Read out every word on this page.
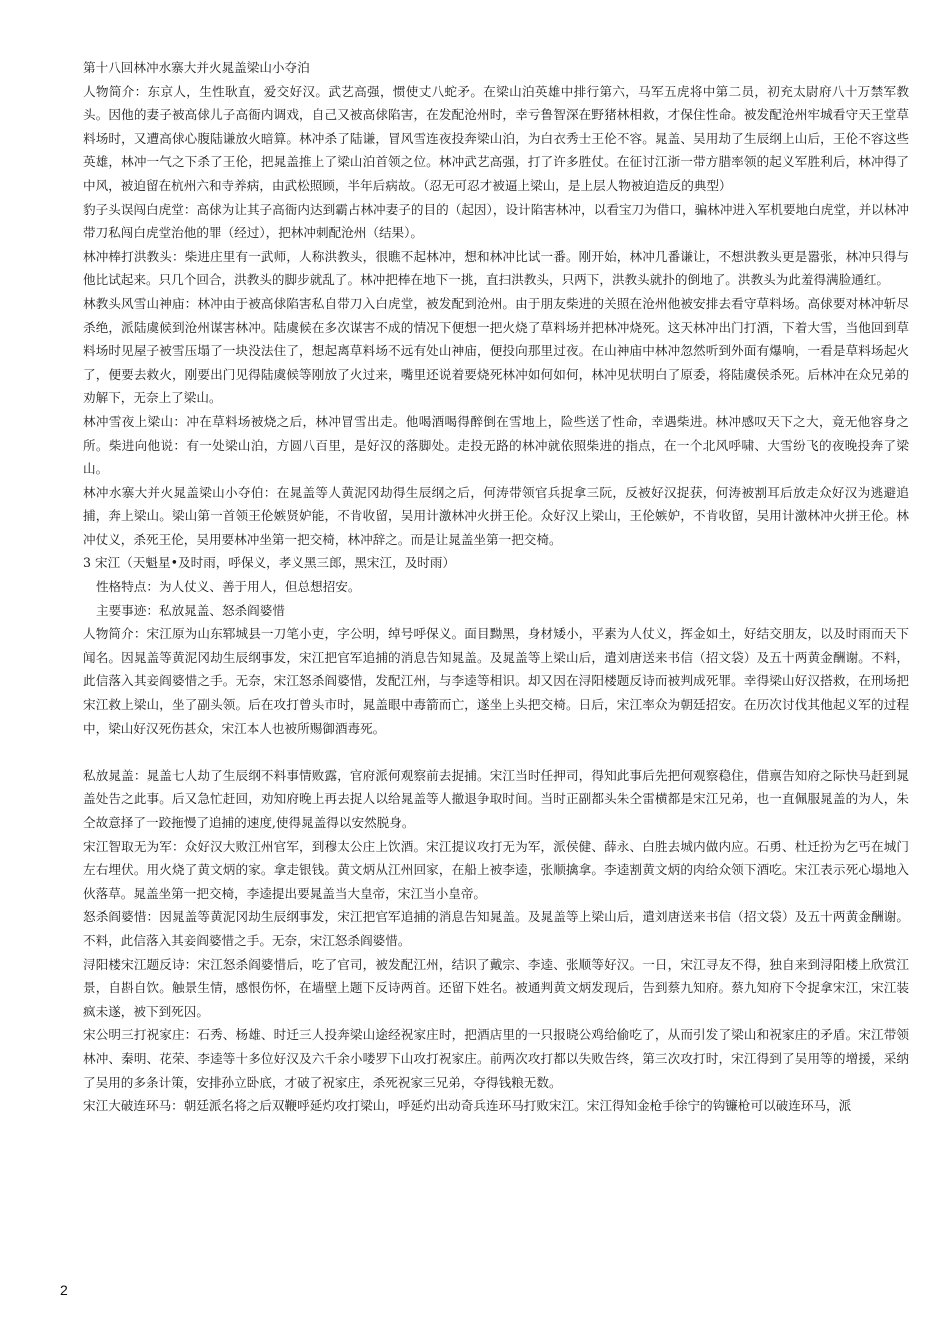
第十八回林冲水寨大并火晁盖梁山小夺泊

人物简介：东京人，生性耿直，爱交好汉。武艺高强，惯使丈八蛇矛。在梁山泊英雄中排行第六，马军五虎将中第二员，初充太尉府八十万禁军教头。因他的妻子被高俅儿子高衙内调戏，自己又被高俅陷害，在发配沧州时，幸亏鲁智深在野猪林相救，才保住性命。被发配沧州牢城看守天王堂草料场时，又遭高俅心腹陆谦放火暗算。林冲杀了陆谦，冒风雪连夜投奔梁山泊，为白衣秀士王伦不容。晁盖、吴用劫了生辰纲上山后，王伦不容这些英雄，林冲一气之下杀了王伦，把晁盖推上了梁山泊首领之位。林冲武艺高强，打了许多胜仗。在征讨江浙一带方腊率领的起义军胜利后，林冲得了中风，被迫留在杭州六和寺养病，由武松照顾，半年后病故。（忍无可忍才被逼上梁山，是上层人物被迫造反的典型）

豹子头误闯白虎堂：高俅为让其子高衙内达到霸占林冲妻子的目的（起因），设计陷害林冲，以看宝刀为借口，骗林冲进入军机要地白虎堂，并以林冲带刀私闯白虎堂治他的罪（经过），把林冲刺配沧州（结果）。

林冲棒打洪教头：柴进庄里有一武师，人称洪教头，很瞧不起林冲，想和林冲比试一番。刚开始，林冲几番谦让，不想洪教头更是嚣张，林冲只得与他比试起来。只几个回合，洪教头的脚步就乱了。林冲把棒在地下一挑，直扫洪教头，只两下，洪教头就扑的倒地了。洪教头为此羞得满脸通红。

林教头风雪山神庙：林冲由于被高俅陷害私自带刀入白虎堂，被发配到沧州。由于朋友柴进的关照在沧州他被安排去看守草料场。高俅要对林冲斩尽杀绝，派陆虞候到沧州谋害林冲。陆虞候在多次谋害不成的情况下便想一把火烧了草料场并把林冲烧死。这天林冲出门打酒，下着大雪，当他回到草料场时见屋子被雪压塌了一块没法住了，想起离草料场不远有处山神庙，便投向那里过夜。在山神庙中林冲忽然听到外面有爆响，一看是草料场起火了，便要去救火，刚要出门见得陆虞候等刚放了火过来，嘴里还说着要烧死林冲如何如何，林冲见状明白了原委，将陆虞侯杀死。后林冲在众兄弟的劝解下，无奈上了梁山。

林冲雪夜上梁山：冲在草料场被烧之后，林冲冒雪出走。他喝酒喝得醉倒在雪地上，险些送了性命，幸遇柴进。林冲感叹天下之大，竟无他容身之所。柴进向他说：有一处梁山泊，方圆八百里，是好汉的落脚处。走投无路的林冲就依照柴进的指点，在一个北风呼啸、大雪纷飞的夜晚投奔了梁山。

林冲水寨大并火晁盖梁山小夺伯：在晁盖等人黄泥冈劫得生辰纲之后，何涛带领官兵捉拿三阮，反被好汉捉获，何涛被割耳后放走众好汉为逃避追捕，奔上梁山。梁山第一首领王伦嫉贤妒能，不肯收留，吴用计激林冲火拼王伦。众好汉上梁山，王伦嫉妒，不肯收留，吴用计激林冲火拼王伦。林冲仗义，杀死王伦，吴用要林冲坐第一把交椅，林冲辞之。而是让晁盖坐第一把交椅。

3 宋江（天魁星•及时雨，呼保义，孝义黑三郎，黑宋江，及时雨）

性格特点：为人仗义、善于用人，但总想招安。

主要事迹：私放晁盖、怒杀阎婆惜

人物简介：宋江原为山东郓城县一刀笔小吏，字公明，绰号呼保义。面目黝黑，身材矮小，平素为人仗义，挥金如土，好结交朋友，以及时雨而天下闻名。因晁盖等黄泥冈劫生辰纲事发，宋江把官军追捕的消息告知晁盖。及晁盖等上梁山后，遣刘唐送来书信（招文袋）及五十两黄金酬谢。不料，此信落入其妾阎婆惜之手。无奈，宋江怒杀阎婆惜，发配江州，与李逵等相识。却又因在浔阳楼题反诗而被判成死罪。幸得梁山好汉搭救，在刑场把宋江救上梁山，坐了副头领。后在攻打曾头市时，晁盖眼中毒箭而亡，遂坐上头把交椅。日后，宋江率众为朝廷招安。在历次讨伐其他起义军的过程中，梁山好汉死伤甚众，宋江本人也被所赐御酒毒死。

私放晁盖：晁盖七人劫了生辰纲不料事情败露，官府派何观察前去捉捕。宋江当时任押司，得知此事后先把何观察稳住，借禀告知府之际快马赶到晁盖处告之此事。后又急忙赶回，劝知府晚上再去捉人以给晁盖等人撤退争取时间。当时正副都头朱仝雷横都是宋江兄弟，也一直佩服晁盖的为人，朱仝故意择了一跤拖慢了追捕的速度,使得晁盖得以安然脱身。

宋江智取无为军：众好汉大败江州官军，到穆太公庄上饮酒。宋江提议攻打无为军，派侯健、薛永、白胜去城内做内应。石勇、杜迁扮为乞丐在城门左右埋伏。用火烧了黄文炳的家。拿走银钱。黄文炳从江州回家，在船上被李逵，张顺擒拿。李逵割黄文炳的肉给众领下酒吃。宋江表示死心塌地入伙落草。晁盖坐第一把交椅，李逵提出要晁盖当大皇帝，宋江当小皇帝。

怒杀阎婆惜：因晁盖等黄泥冈劫生辰纲事发，宋江把官军追捕的消息告知晁盖。及晁盖等上梁山后，遣刘唐送来书信（招文袋）及五十两黄金酬谢。不料，此信落入其妾阎婆惜之手。无奈，宋江怒杀阎婆惜。

浔阳楼宋江题反诗：宋江怒杀阎婆惜后，吃了官司，被发配江州，结识了戴宗、李逵、张顺等好汉。一日，宋江寻友不得，独自来到浔阳楼上欣赏江景，自斟自饮。触景生情，感恨伤怀，在墙壁上题下反诗两首。还留下姓名。被通判黄文炳发现后，告到蔡九知府。蔡九知府下令捉拿宋江，宋江装疯未遂，被下到死囚。

宋公明三打祝家庄：石秀、杨雄、时迁三人投奔梁山途经祝家庄时，把酒店里的一只报晓公鸡给偷吃了，从而引发了梁山和祝家庄的矛盾。宋江带领林冲、秦明、花荣、李逵等十多位好汉及六千余小喽罗下山攻打祝家庄。前两次攻打都以失败告终，第三次攻打时，宋江得到了吴用等的增援，采纳了吴用的多条计策，安排孙立卧底，才破了祝家庄，杀死祝家三兄弟，夺得钱粮无数。

宋江大破连环马：朝廷派名将之后双鞭呼延灼攻打梁山，呼延灼出动奇兵连环马打败宋江。宋江得知金枪手徐宁的钩镰枪可以破连环马，派

2
